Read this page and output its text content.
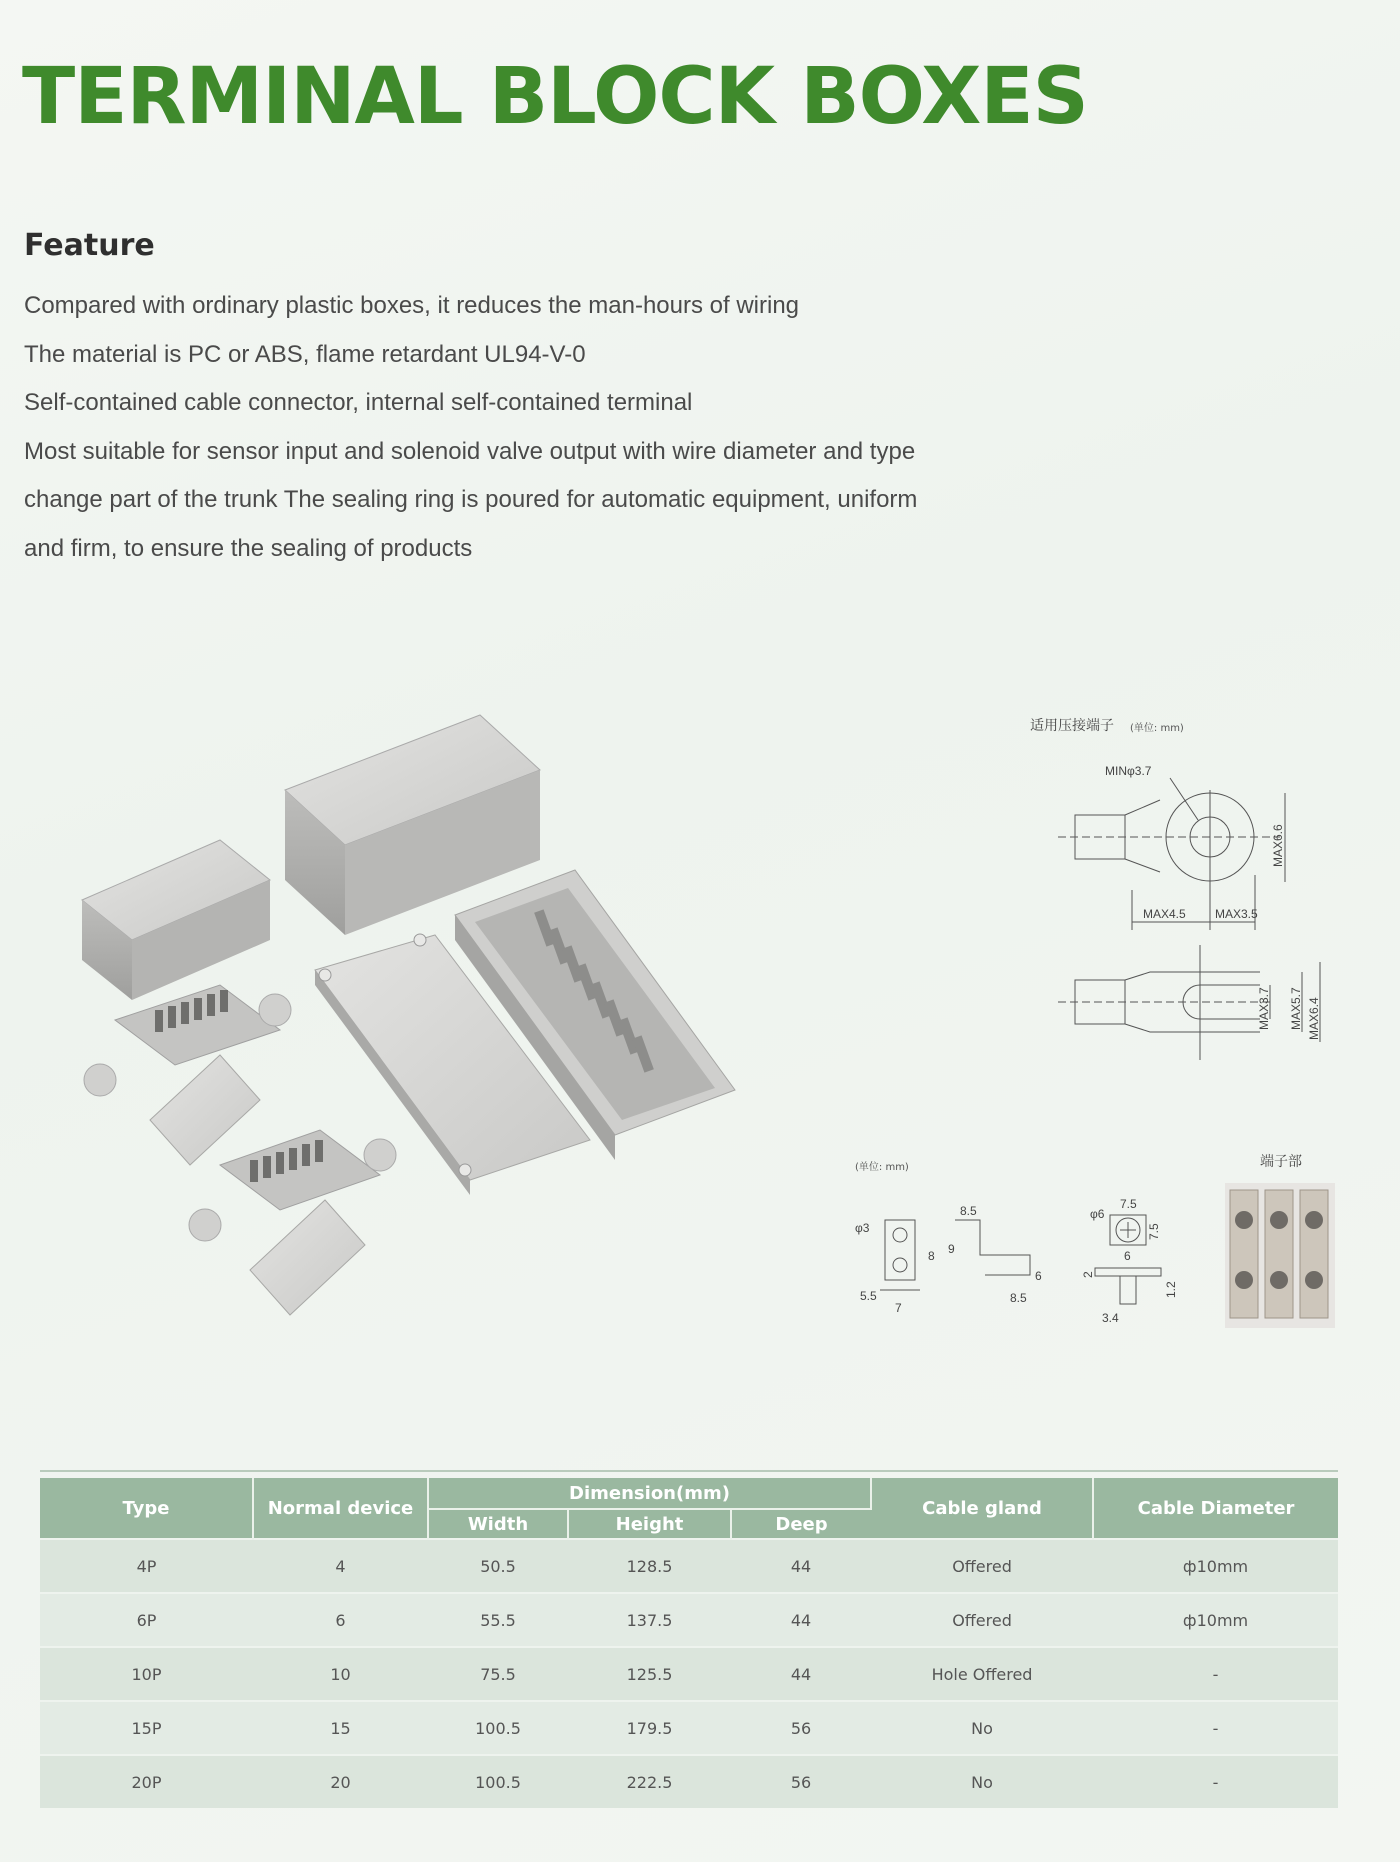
TERMINAL BLOCK BOXES
Feature
Compared with ordinary plastic boxes, it reduces the man-hours of wiring
The material is PC or ABS, flame retardant UL94-V-0
Self-contained cable connector, internal self-contained terminal
Most suitable for sensor input and solenoid valve output with wire diameter and type
change part of the trunk The sealing ring is poured for automatic equipment, uniform
and firm, to ensure the sealing of products
适用压接端子 (单位: mm)
MINφ3.7
MAX6.6
MAX4.5 MAX3.5
MAX3.7 MAX5.7 MAX6.4
(单位: mm)	端子部
φ3
8.5
9
8
5.5
7
8.5
6
φ6
7.5
7.5
6
2
1.2
3.4
Type	Normal device	Dimension(mm)			Cable gland	Cable Diameter
		Width	Height	Deep		
4P	4	50.5	128.5	44	Offered	ф10mm
6P	6	55.5	137.5	44	Offered	ф10mm
10P	10	75.5	125.5	44	Hole Offered	-
15P	15	100.5	179.5	56	No	-
20P	20	100.5	222.5	56	No	-
